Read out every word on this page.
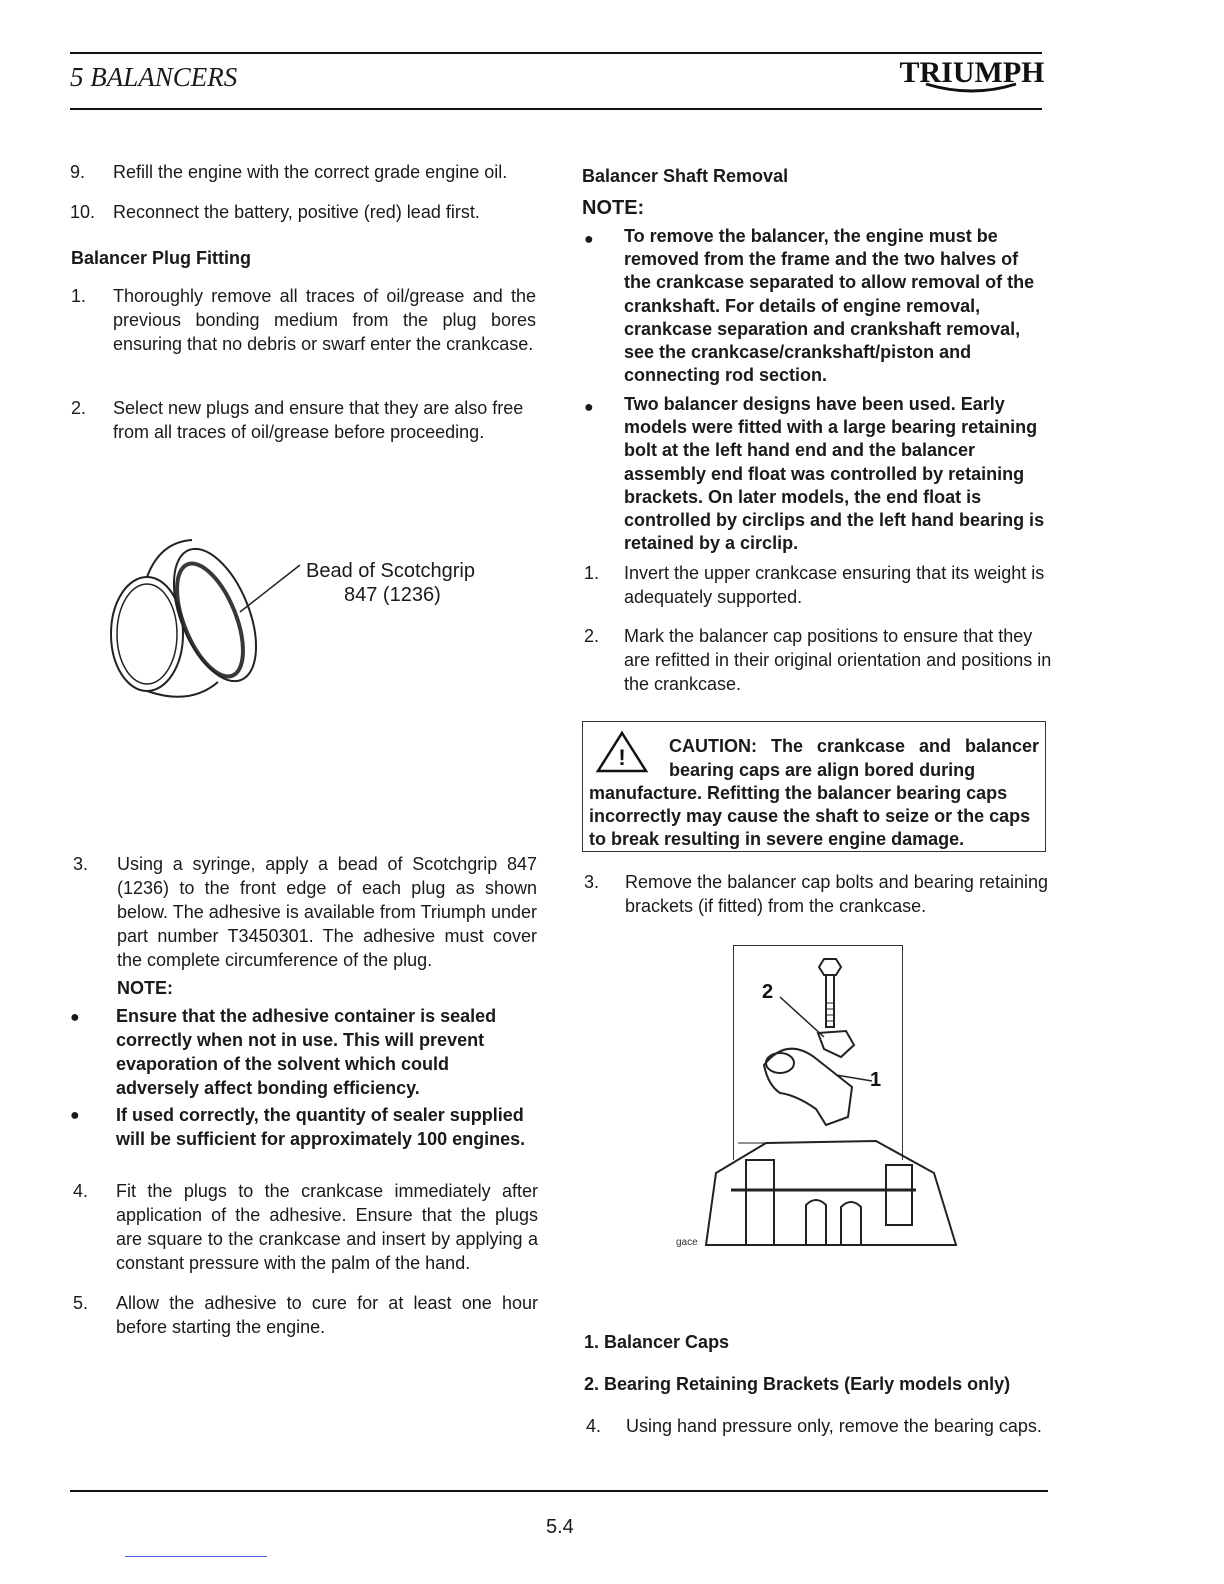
5 BALANCERS	TRIUMPH
9.	Refill the engine with the correct grade engine oil.
10. Reconnect the battery, positive (red) lead first.
Balancer Plug Fitting
1.	Thoroughly remove all traces of oil/grease and the previous bonding medium from the plug bores ensuring that no debris or swarf enter the crankcase.
2.	Select new plugs and ensure that they are also free from all traces of oil/grease before proceeding.
Bead of Scotchgrip
847 (1236)
3.	Using a syringe, apply a bead of Scotchgrip 847 (1236) to the front edge of each plug as shown below. The adhesive is available from Triumph under part number T3450301. The adhesive must cover the complete circumference of the plug.
NOTE:
● Ensure that the adhesive container is sealed correctly when not in use. This will prevent evaporation of the solvent which could adversely affect bonding efficiency.
● If used correctly, the quantity of sealer supplied will be sufficient for approximately 100 engines.
4.	Fit the plugs to the crankcase immediately after application of the adhesive. Ensure that the plugs are square to the crankcase and insert by applying a constant pressure with the palm of the hand.
5.	Allow the adhesive to cure for at least one hour before starting the engine.
Balancer Shaft Removal
NOTE:
● To remove the balancer, the engine must be removed from the frame and the two halves of the crankcase separated to allow removal of the crankshaft. For details of engine removal, crankcase separation and crankshaft removal, see the crankcase/crankshaft/piston and connecting rod section.
● Two balancer designs have been used. Early models were fitted with a large bearing retaining bolt at the left hand end and the balancer assembly end float was controlled by retaining brackets. On later models, the end float is controlled by circlips and the left hand bearing is retained by a circlip.
1.	Invert the upper crankcase ensuring that its weight is adequately supported.
2.	Mark the balancer cap positions to ensure that they are refitted in their original orientation and positions in the crankcase.
! CAUTION: The crankcase and balancer bearing caps are align bored during
manufacture. Refitting the balancer bearing caps incorrectly may cause the shaft to seize or the caps to break resulting in severe engine damage.
3.	Remove the balancer cap bolts and bearing retaining brackets (if fitted) from the crankcase.
gace
2
1
1. Balancer Caps
2. Bearing Retaining Brackets (Early models only)
4.	Using hand pressure only, remove the bearing caps.
5.4
